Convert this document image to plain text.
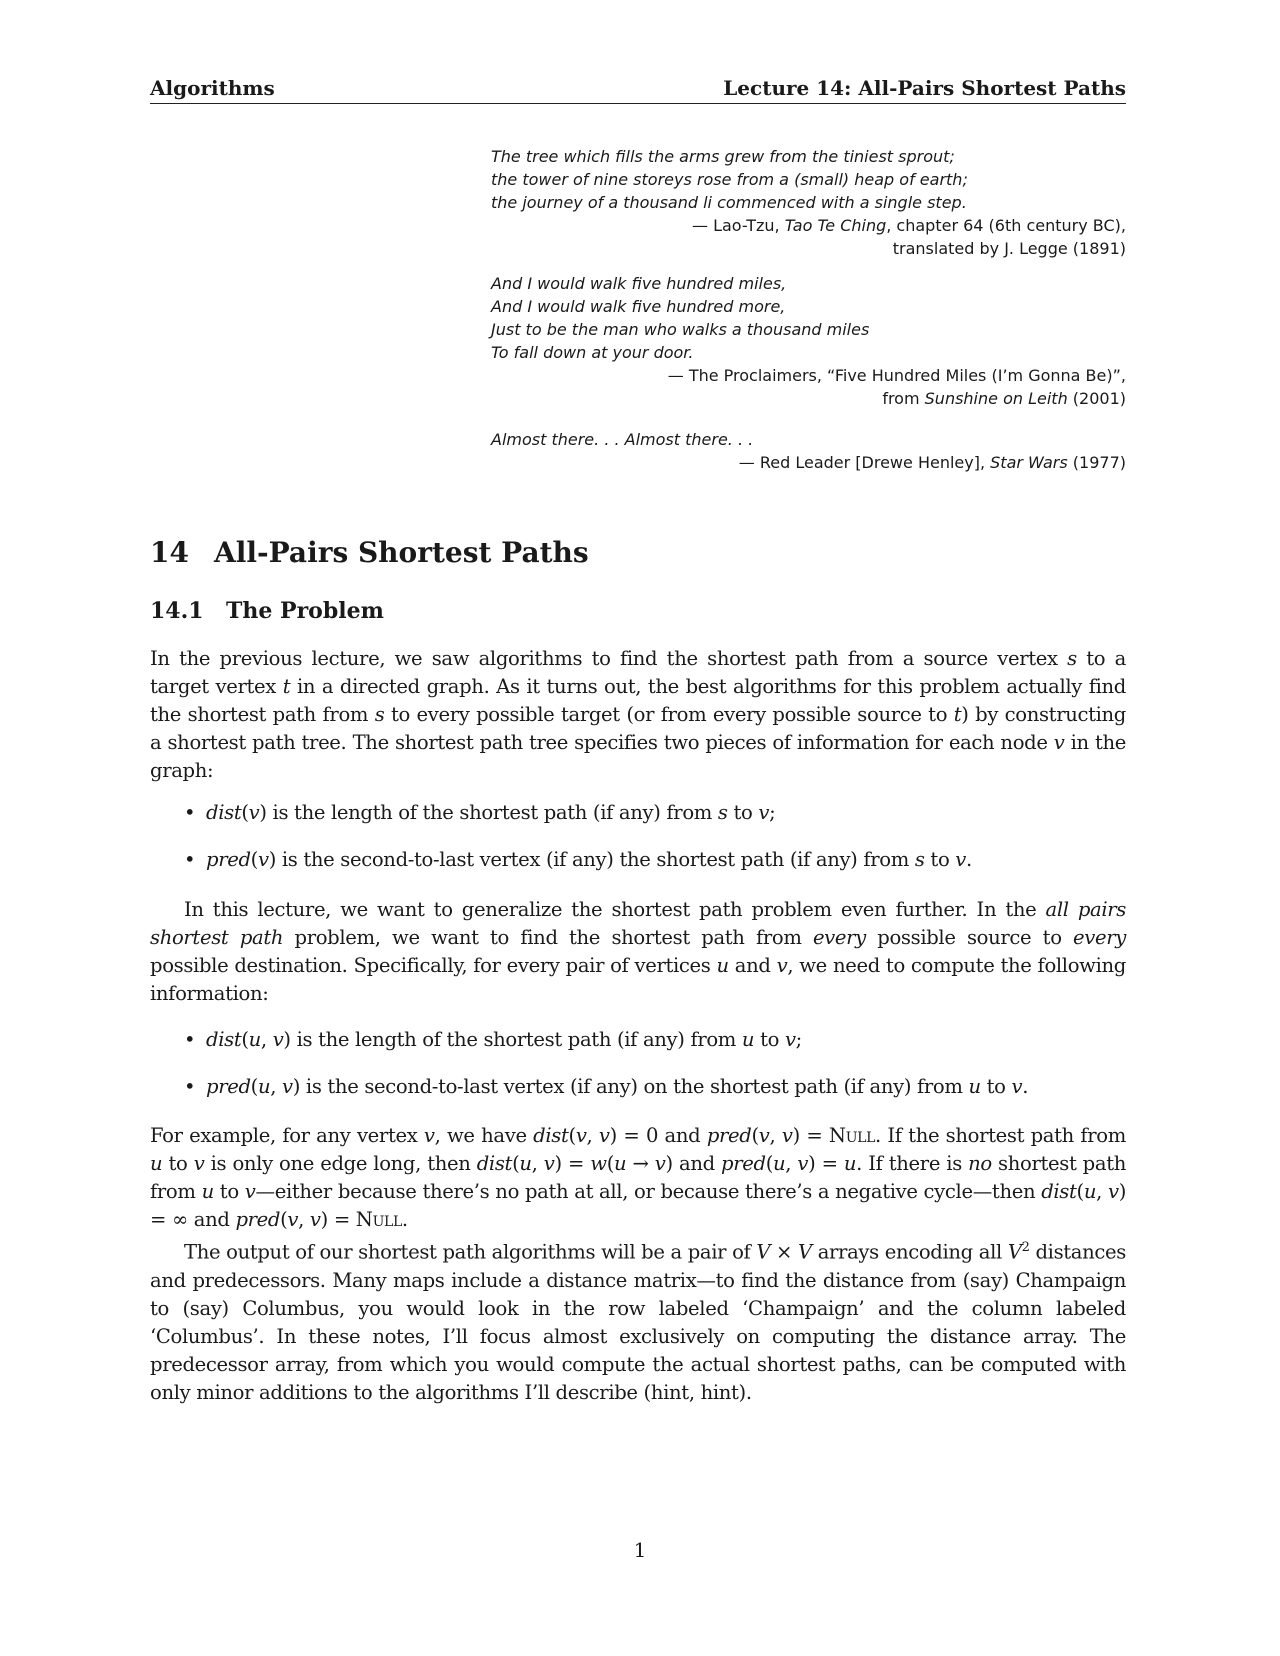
Algorithms	Lecture 14: All-Pairs Shortest Paths
The tree which fills the arms grew from the tiniest sprout;
the tower of nine storeys rose from a (small) heap of earth;
the journey of a thousand li commenced with a single step.
— Lao-Tzu, Tao Te Ching, chapter 64 (6th century BC),
translated by J. Legge (1891)
And I would walk five hundred miles,
And I would walk five hundred more,
Just to be the man who walks a thousand miles
To fall down at your door.
— The Proclaimers, “Five Hundred Miles (I’m Gonna Be)”,
from Sunshine on Leith (2001)
Almost there. . . Almost there. . .
— Red Leader [Drewe Henley], Star Wars (1977)
14 All-Pairs Shortest Paths
14.1 The Problem

In the previous lecture, we saw algorithms to find the shortest path from a source vertex s to a target vertex t in a directed graph. As it turns out, the best algorithms for this problem actually find the shortest path from s to every possible target (or from every possible source to t) by constructing a shortest path tree. The shortest path tree specifies two pieces of information for each node v in the graph:

• dist(v) is the length of the shortest path (if any) from s to v;
• pred(v) is the second-to-last vertex (if any) the shortest path (if any) from s to v.

In this lecture, we want to generalize the shortest path problem even further. In the all pairs shortest path problem, we want to find the shortest path from every possible source to every possible destination. Specifically, for every pair of vertices u and v, we need to compute the following information:

• dist(u, v) is the length of the shortest path (if any) from u to v;
• pred(u, v) is the second-to-last vertex (if any) on the shortest path (if any) from u to v.

For example, for any vertex v, we have dist(v, v) = 0 and pred(v, v) = Null. If the shortest path from u to v is only one edge long, then dist(u, v) = w(u → v) and pred(u, v) = u. If there is no shortest path from u to v—either because there’s no path at all, or because there’s a negative cycle—then dist(u, v) = ∞ and pred(v, v) = Null.

The output of our shortest path algorithms will be a pair of V × V arrays encoding all $V^2$ distances and predecessors. Many maps include a distance matrix—to find the distance from (say) Champaign to (say) Columbus, you would look in the row labeled ‘Champaign’ and the column labeled ‘Columbus’. In these notes, I’ll focus almost exclusively on computing the distance array. The predecessor array, from which you would compute the actual shortest paths, can be computed with only minor additions to the algorithms I’ll describe (hint, hint).

1
